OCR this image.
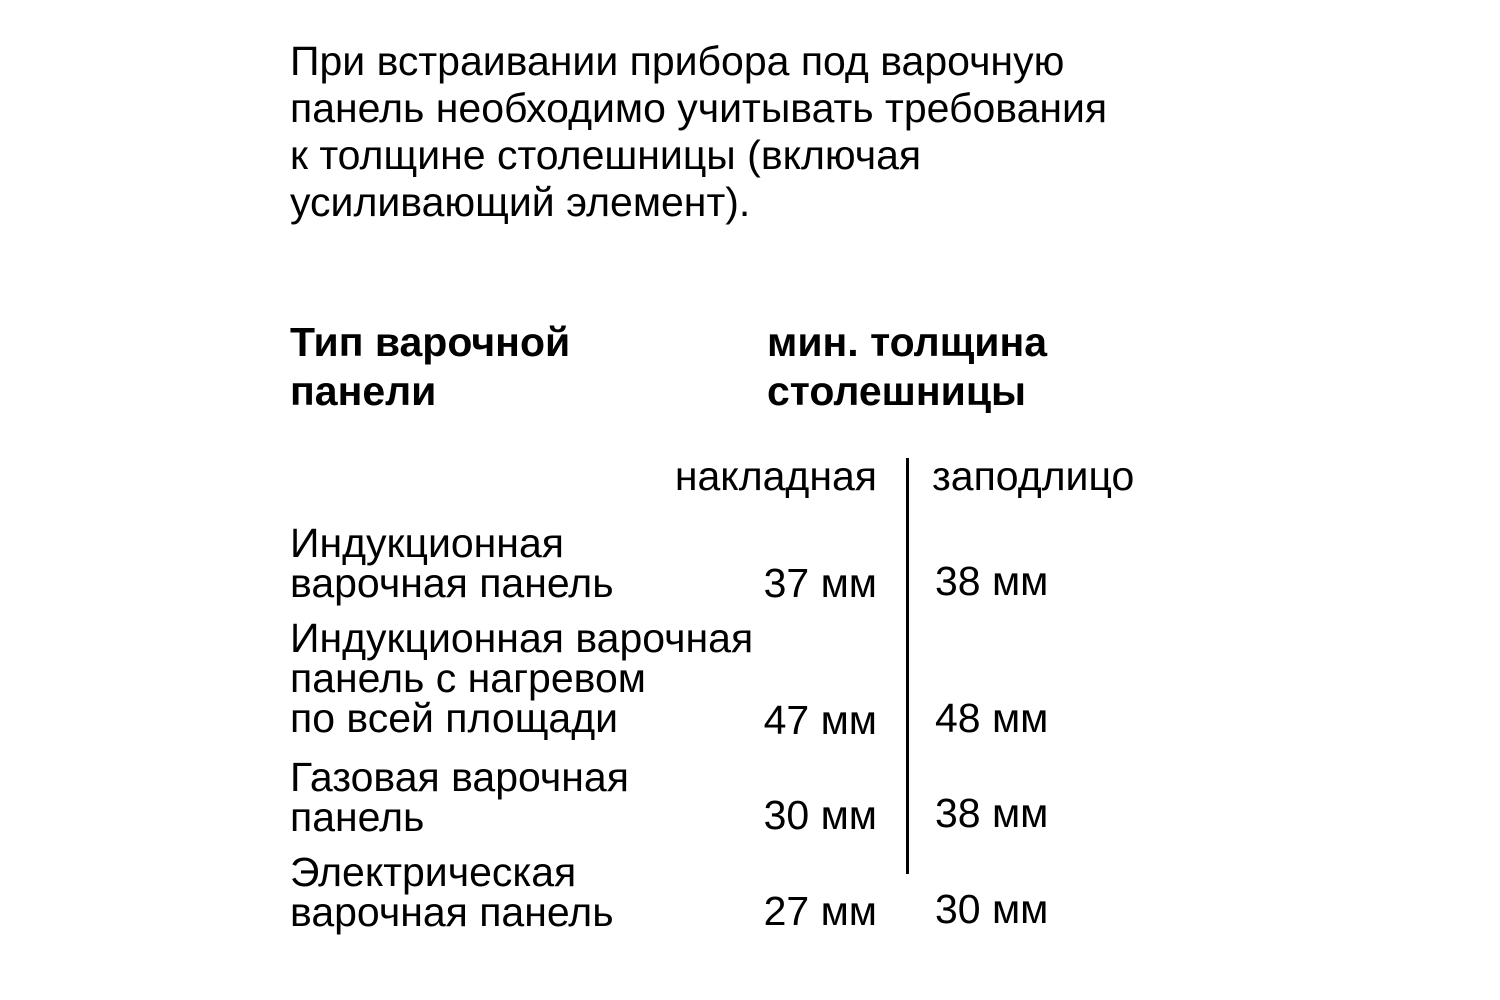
При встраивании прибора под варочную
панель необходимо учитывать требования
к толщине столешницы (включая
усиливающий элемент).
Тип варочной
панели
мин. толщина
столешницы
накладная заподлицо
Индукционная
варочная панель	37 мм 38 мм
Индукционная варочная
панель с нагревом
по всей площади	47 мм 48 мм
Газовая варочная
панель	30 мм 38 мм
Электрическая
варочная панель	27 мм 30 мм
